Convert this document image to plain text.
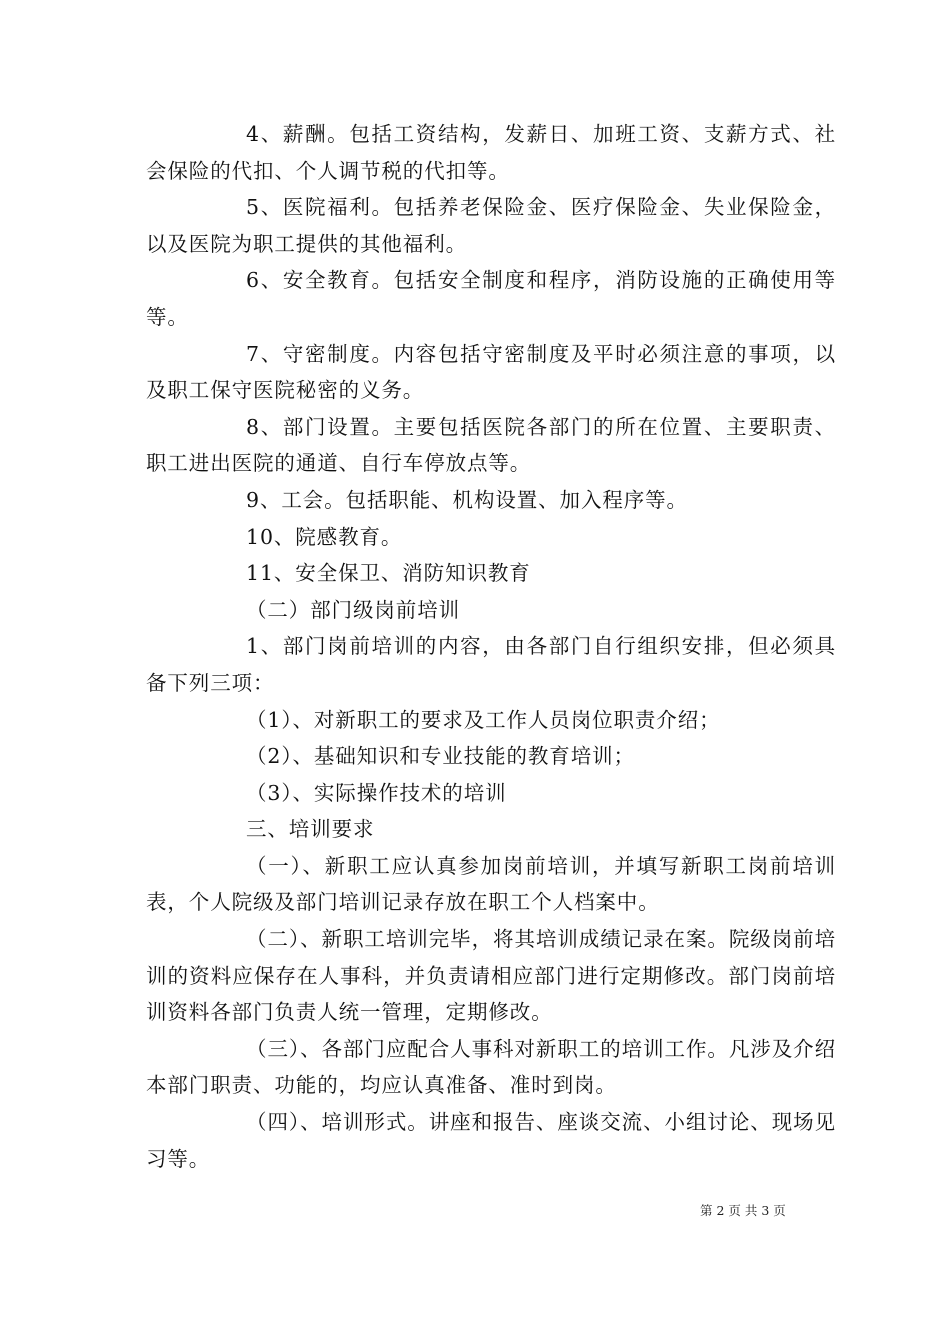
4、薪酬。包括工资结构，发薪日、加班工资、支薪方式、社会保险的代扣、个人调节税的代扣等。

5、医院福利。包括养老保险金、医疗保险金、失业保险金，以及医院为职工提供的其他福利。

6、安全教育。包括安全制度和程序，消防设施的正确使用等等。

7、守密制度。内容包括守密制度及平时必须注意的事项，以及职工保守医院秘密的义务。

8、部门设置。主要包括医院各部门的所在位置、主要职责、职工进出医院的通道、自行车停放点等。

9、工会。包括职能、机构设置、加入程序等。

10、院感教育。

11、安全保卫、消防知识教育

（二）部门级岗前培训

1、部门岗前培训的内容，由各部门自行组织安排，但必须具备下列三项：

（1）、对新职工的要求及工作人员岗位职责介绍；

（2）、基础知识和专业技能的教育培训；

（3）、实际操作技术的培训

三、培训要求

（一）、新职工应认真参加岗前培训，并填写新职工岗前培训表，个人院级及部门培训记录存放在职工个人档案中。

（二）、新职工培训完毕，将其培训成绩记录在案。院级岗前培训的资料应保存在人事科，并负责请相应部门进行定期修改。部门岗前培训资料各部门负责人统一管理，定期修改。

（三）、各部门应配合人事科对新职工的培训工作。凡涉及介绍本部门职责、功能的，均应认真准备、准时到岗。

（四）、培训形式。讲座和报告、座谈交流、小组讨论、现场见习等。

第 2 页 共 3 页
